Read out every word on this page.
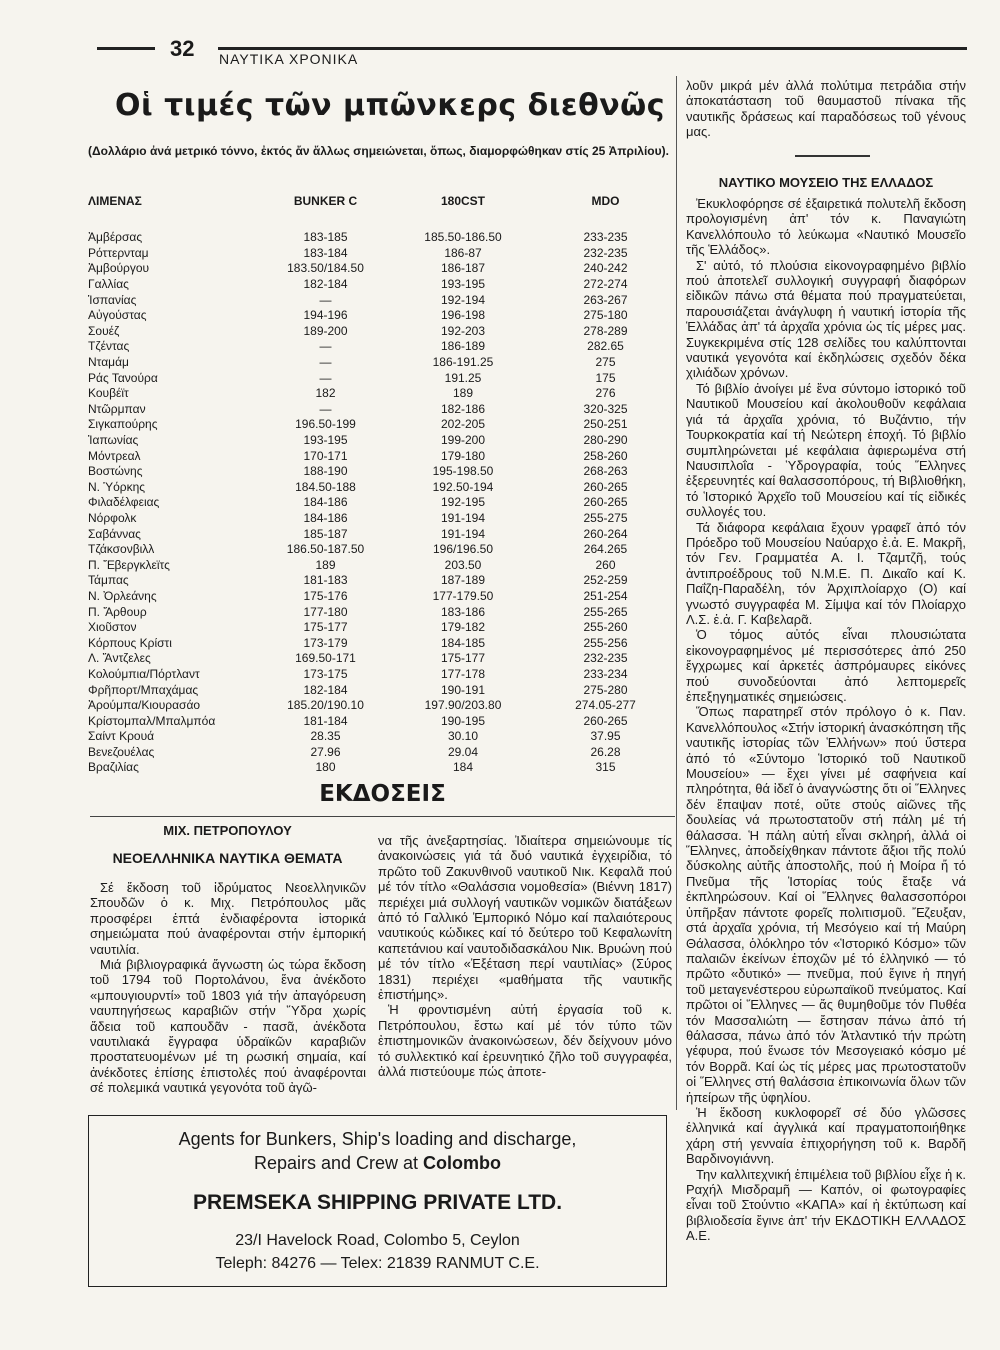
32 ΝΑΥΤΙΚΑ ΧΡΟΝΙΚΑ
Οἱ τιμές τῶν μπῶνκερς διεθνῶς
(Δολλάριο ἀνά μετρικό τόννο, ἐκτός ἄν ἄλλως σημειώνεται, ὅπως, διαμορφώθηκαν στίς 25 Ἀπριλίου).
ΛΙΜΕΝΑΣ	BUNKER C	180CST	MDO

Ἀμβέρσας	183-185	185.50-186.50	233-235
Ρόττερνταμ	183-184	186-87	232-235
Ἀμβούργου	183.50/184.50	186-187	240-242
Γαλλίας	182-184	193-195	272-274
Ἱσπανίας	—	192-194	263-267
Αὐγούστας	194-196	196-198	275-180
Σουέζ	189-200	192-203	278-289
Τζέντας	—	186-189	282.65
Νταμάμ	—	186-191.25	275
Ράς Τανούρα	—	191.25	175
Κουβέϊτ	182	189	276
Ντῶρμπαν	—	182-186	320-325
Σιγκαπούρης	196.50-199	202-205	250-251
Ἰαπωνίας	193-195	199-200	280-290
Μόντρεαλ	170-171	179-180	258-260
Βοστώνης	188-190	195-198.50	268-263
Ν. Ὑόρκης	184.50-188	192.50-194	260-265
Φιλαδέλφειας	184-186	192-195	260-265
Νόρφολκ	184-186	191-194	255-275
Σαβάννας	185-187	191-194	260-264
Τζάκσονβιλλ	186.50-187.50	196/196.50	264.265
Π. Ἔβεργκλεϊτς	189	203.50	260
Τάμπας	181-183	187-189	252-259
Ν. Ὀρλεάνης	175-176	177-179.50	251-254
Π. Ἄρθουρ	177-180	183-186	255-265
Χιοῦστον	175-177	179-182	255-260
Κόρπους Κρίστι	173-179	184-185	255-256
Λ. Ἄντζελες	169.50-171	175-177	232-235
Κολούμπια/Πόρτλαντ	173-175	177-178	233-234
Φρῆπορτ/Μπαχάμας	182-184	190-191	275-280
Ἀρούμπα/Κιουρασάο	185.20/190.10	197.90/203.80	274.05-277
Κρίστομπαλ/Μπαλμπόα	181-184	190-195	260-265
Σαίντ Κρουά	28.35	30.10	37.95
Βενεζουέλας	27.96	29.04	26.28
Βραζιλίας	180	184	315

λοῦν μικρά μέν ἀλλά πολύτιμα πετράδια στήν ἀποκατάσταση τοῦ θαυμαστοῦ πίνακα τῆς ναυτικῆς δράσεως καί παραδόσεως τοῦ γένους μας.

ΝΑΥΤΙΚΟ ΜΟΥΣΕΙΟ ΤΗΣ ΕΛΛΑΔΟΣ

Ἐκυκλοφόρησε σέ ἐξαιρετικά πολυτελῆ ἔκδοση προλογισμένη ἀπ' τόν κ. Παναγιώτη Κανελλόπουλο τό λεύκωμα «Ναυτικό Μουσεῖο τῆς Ἑλλάδος».

Σ' αὐτό, τό πλούσια εἰκονογραφημένο βιβλίο πού ἀποτελεῖ συλλογική συγγραφή διαφόρων εἰδικῶν πάνω στά θέματα πού πραγματεύεται, παρουσιάζεται ἀνάγλυφη ἡ ναυτική ἱστορία τῆς Ἑλλάδας ἀπ' τά ἀρχαῖα χρόνια ὡς τίς μέρες μας. Συγκεκριμένα στίς 128 σελίδες του καλύπτονται ναυτικά γεγονότα καί ἐκδηλώσεις σχεδόν δέκα χιλιάδων χρόνων.

Τό βιβλίο ἀνοίγει μέ ἕνα σύντομο ἱστορικό τοῦ Ναυτικοῦ Μουσείου καί ἀκολουθοῦν κεφάλαια γιά τά ἀρχαῖα χρόνια, τό Βυζάντιο, τήν Τουρκοκρατία καί τή Νεώτερη ἐποχή. Τό βιβλίο συμπληρώνεται μέ κεφάλαια ἀφιερωμένα στή Ναυσιπλοΐα - Ὑδρογραφία, τούς Ἕλληνες ἐξερευνητές καί θαλασσοπόρους, τή Βιβλιοθήκη, τό Ἱστορικό Ἀρχεῖο τοῦ Μουσείου καί τίς εἰδικές συλλογές του.

Τά διάφορα κεφάλαια ἔχουν γραφεῖ ἀπό τόν Πρόεδρο τοῦ Μουσείου Ναύαρχο ἐ.ἀ. Ε. Μακρῆ, τόν Γεν. Γραμματέα Α. Ι. Τζαμτζῆ, τούς ἀντιπροέδρους τοῦ Ν.Μ.Ε. Π. Δικαῖο καί Κ. Παΐζη-Παραδέλη, τόν Ἀρχιπλοίαρχο (Ο) καί γνωστό συγγραφέα Μ. Σίμψα καί τόν Πλοίαρχο Λ.Σ. ἐ.ἀ. Γ. Καβελαρᾶ.

Ὁ τόμος αὐτός εἶναι πλουσιώτατα εἰκονογραφημένος μέ περισσότερες ἀπό 250 ἔγχρωμες καί ἀρκετές ἀσπρόμαυρες εἰκόνες πού συνοδεύονται ἀπό λεπτομερεῖς ἐπεξηγηματικές σημειώσεις.

Ὅπως παρατηρεῖ στόν πρόλογο ὁ κ. Παν. Κανελλόπουλος «Στήν ἱστορική ἀνασκόπηση τῆς ναυτικῆς ἱστορίας τῶν Ἑλλήνων» πού ὕστερα ἀπό τό «Σύντομο Ἱστορικό τοῦ Ναυτικοῦ Μουσείου» — ἔχει γίνει μέ σαφήνεια καί πληρότητα, θά ἰδεῖ ὁ ἀναγνώστης ὅτι οἱ Ἕλληνες δέν ἔπαψαν ποτέ, οὔτε στούς αἰῶνες τῆς δουλείας νά πρωτοστατοῦν στή πάλη μέ τή θάλασσα. Ἡ πάλη αὐτή εἶναι σκληρή, ἀλλά οἱ Ἕλληνες, ἀποδείχθηκαν πάντοτε ἄξιοι τῆς πολύ δύσκολης αὐτῆς ἀποστολῆς, πού ἡ Μοίρα ἤ τό Πνεῦμα τῆς Ἱστορίας τούς ἔταξε νά ἐκπληρώσουν. Καί οἱ Ἕλληνες θαλασσοπόροι ὑπῆρξαν πάντοτε φορεῖς πολιτισμοῦ. Ἔζευξαν, στά ἀρχαῖα χρόνια, τή Μεσόγειο καί τή Μαύρη Θάλασσα, ὁλόκληρο τόν «Ἱστορικό Κόσμο» τῶν παλαιῶν ἐκείνων ἐποχῶν μέ τό ἑλληνικό — τό πρῶτο «δυτικό» — πνεῦμα, πού ἔγινε ἡ πηγή τοῦ μεταγενέστερου εὐρωπαϊκοῦ πνεύματος. Καί πρῶτοι οἱ Ἕλληνες — ἄς θυμηθοῦμε τόν Πυθέα τόν Μασσαλιώτη — ἔστησαν πάνω ἀπό τή θάλασσα, πάνω ἀπό τόν Ἀτλαντικό τήν πρώτη γέφυρα, πού ἕνωσε τόν Μεσογειακό κόσμο μέ τόν Βορρᾶ. Καί ὡς τίς μέρες μας πρωτοστατοῦν οἱ Ἕλληνες στή θαλάσσια ἐπικοινωνία ὅλων τῶν ἠπείρων τῆς ὑφηλίου.

Ἡ ἔκδοση κυκλοφορεῖ σέ δύο γλῶσσες ἑλληνικά καί ἀγγλικά καί πραγματοποιήθηκε χάρη στή γενναία ἐπιχορήγηση τοῦ κ. Βαρδῆ Βαρδινογιάννη.

Την καλλιτεχνική ἐπιμέλεια τοῦ βιβλίου εἶχε ἡ κ. Ραχήλ Μισδραμῆ — Καπόν, οἱ φωτογραφίες εἶναι τοῦ Στούντιο «ΚΑΠΑ» καί ἡ ἐκτύπωση καί βιβλιοδεσία ἔγινε ἀπ' τήν ΕΚΔΟΤΙΚΗ ΕΛΛΑΔΟΣ Α.Ε.

ΕΚΔΟΣΕΙΣ
ΜΙΧ. ΠΕΤΡΟΠΟΥΛΟΥ
ΝΕΟΕΛΛΗΝΙΚΑ ΝΑΥΤΙΚΑ ΘΕΜΑΤΑ

Σέ ἔκδοση τοῦ ἱδρύματος Νεοελληνικῶν Σπουδῶν ὁ κ. Μιχ. Πετρόπουλος μᾶς προσφέρει ἑπτά ἐνδιαφέροντα ἱστορικά σημειώματα πού ἀναφέρονται στήν ἐμπορική ναυτιλία.

Μιά βιβλιογραφικά ἄγνωστη ὡς τώρα ἔκδοση τοῦ 1794 τοῦ Πορτολάνου, ἕνα ἀνέκδοτο «μπουγιουρντί» τοῦ 1803 γιά τήν ἀπαγόρευση ναυπηγήσεως καραβιῶν στήν Ὕδρα χωρίς ἄδεια τοῦ καπουδᾶν - πασᾶ, ἀνέκδοτα ναυτιλιακά ἔγγραφα ὑδραϊκῶν καραβιῶν προστατευομένων μέ τη ρωσική σημαία, καί ἀνέκδοτες ἐπίσης ἐπιστολές πού ἀναφέρονται σέ πολεμικά ναυτικά γεγονότα τοῦ ἀγῶ-

να τῆς ἀνεξαρτησίας. Ἰδιαίτερα σημειώνουμε τίς ἀνακοινώσεις γιά τά δυό ναυτικά ἐγχειρίδια, τό πρῶτο τοῦ Ζακυνθινοῦ ναυτικοῦ Νικ. Κεφαλᾶ πού μέ τόν τίτλο «Θαλάσσια νομοθεσία» (Βιέννη 1817) περιέχει μιά συλλογή ναυτικῶν νομικῶν διατάξεων ἀπό τό Γαλλικό Ἐμπορικό Νόμο καί παλαιότερους ναυτικούς κώδικες καί τό δεύτερο τοῦ Κεφαλωνίτη καπετάνιου καί ναυτοδιδασκάλου Νικ. Βρυώνη πού μέ τόν τίτλο «Ἐξέταση περί ναυτιλίας» (Σύρος 1831) περιέχει «μαθήματα τῆς ναυτικῆς ἐπιστήμης».

Ἡ φροντισμένη αὐτή ἐργασία τοῦ κ. Πετρόπουλου, ἔστω καί μέ τόν τύπο τῶν ἐπιστημονικῶν ἀνακοινώσεων, δέν δείχνουν μόνο τό συλλεκτικό καί ἐρευνητικό ζῆλο τοῦ συγγραφέα, ἀλλά πιστεύουμε πώς ἀποτε-

Agents for Bunkers, Ship's loading and discharge,
Repairs and Crew at Colombo
PREMSEKA SHIPPING PRIVATE LTD.
23/I Havelock Road, Colombo 5, Ceylon
Teleph: 84276 — Telex: 21839 RANMUT C.E.
